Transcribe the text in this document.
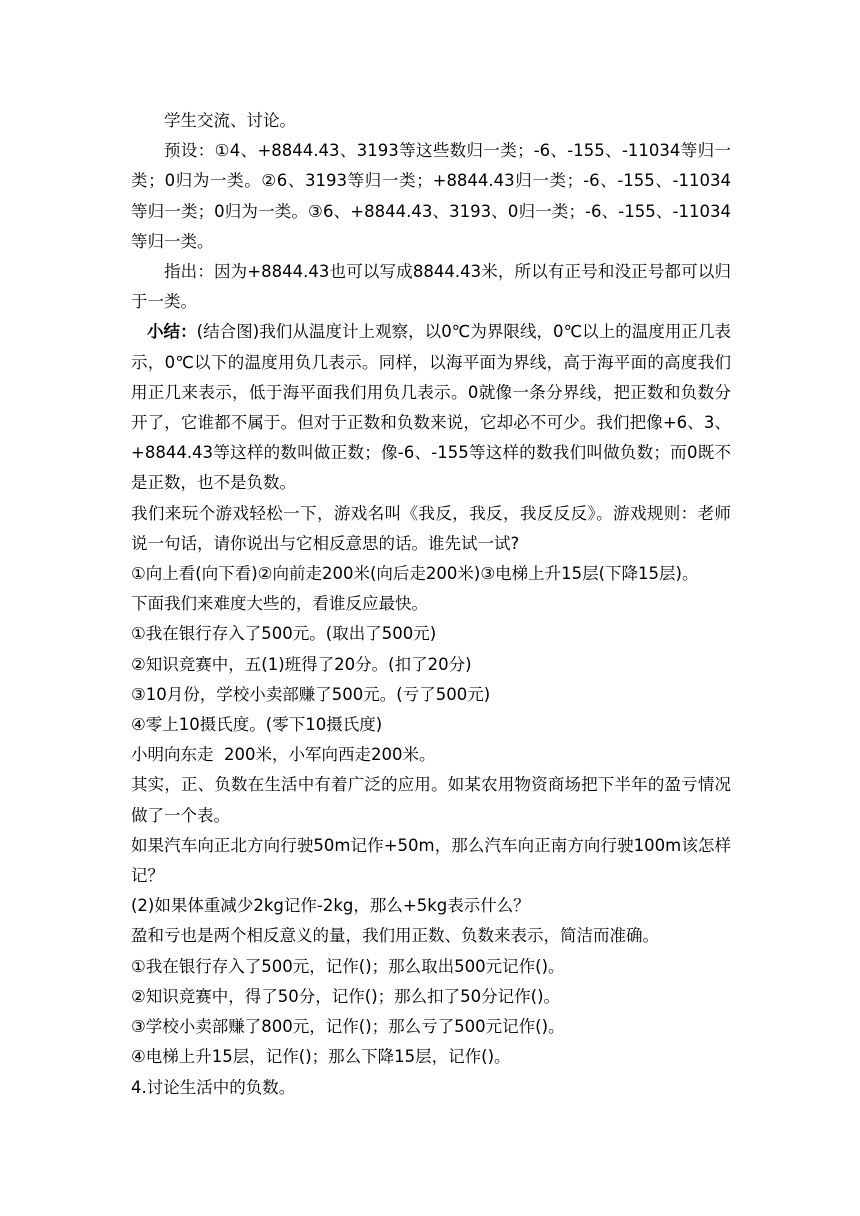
学生交流、讨论。

预设：①4、+8844.43、3193等这些数归一类；-6、-155、-11034等归一类；0归为一类。②6、3193等归一类；+8844.43归一类；-6、-155、-11034等归一类；0归为一类。③6、+8844.43、3193、0归一类；-6、-155、-11034等归一类。

指出：因为+8844.43也可以写成8844.43米，所以有正号和没正号都可以归于一类。

小结：(结合图)我们从温度计上观察，以0℃为界限线，0℃以上的温度用正几表示，0℃以下的温度用负几表示。同样，以海平面为界线，高于海平面的高度我们用正几来表示，低于海平面我们用负几表示。0就像一条分界线，把正数和负数分开了，它谁都不属于。但对于正数和负数来说，它却必不可少。我们把像+6、3、+8844.43等这样的数叫做正数；像-6、-155等这样的数我们叫做负数；而0既不是正数，也不是负数。

我们来玩个游戏轻松一下，游戏名叫《我反，我反，我反反反》。游戏规则：老师说一句话，请你说出与它相反意思的话。谁先试一试?

①向上看(向下看)②向前走200米(向后走200米)③电梯上升15层(下降15层)。

下面我们来难度大些的，看谁反应最快。

①我在银行存入了500元。(取出了500元)

②知识竞赛中，五(1)班得了20分。(扣了20分)

③10月份，学校小卖部赚了500元。(亏了500元)

④零上10摄氏度。(零下10摄氏度)

小明向东走  200米，小军向西走200米。

其实，正、负数在生活中有着广泛的应用。如某农用物资商场把下半年的盈亏情况做了一个表。

如果汽车向正北方向行驶50m记作+50m，那么汽车向正南方向行驶100m该怎样记？

(2)如果体重减少2kg记作-2kg，那么+5kg表示什么？

盈和亏也是两个相反意义的量，我们用正数、负数来表示，简洁而准确。

①我在银行存入了500元，记作()；那么取出500元记作()。

②知识竞赛中，得了50分，记作()；那么扣了50分记作()。

③学校小卖部赚了800元，记作()；那么亏了500元记作()。

④电梯上升15层，记作()；那么下降15层，记作()。

4.讨论生活中的负数。
